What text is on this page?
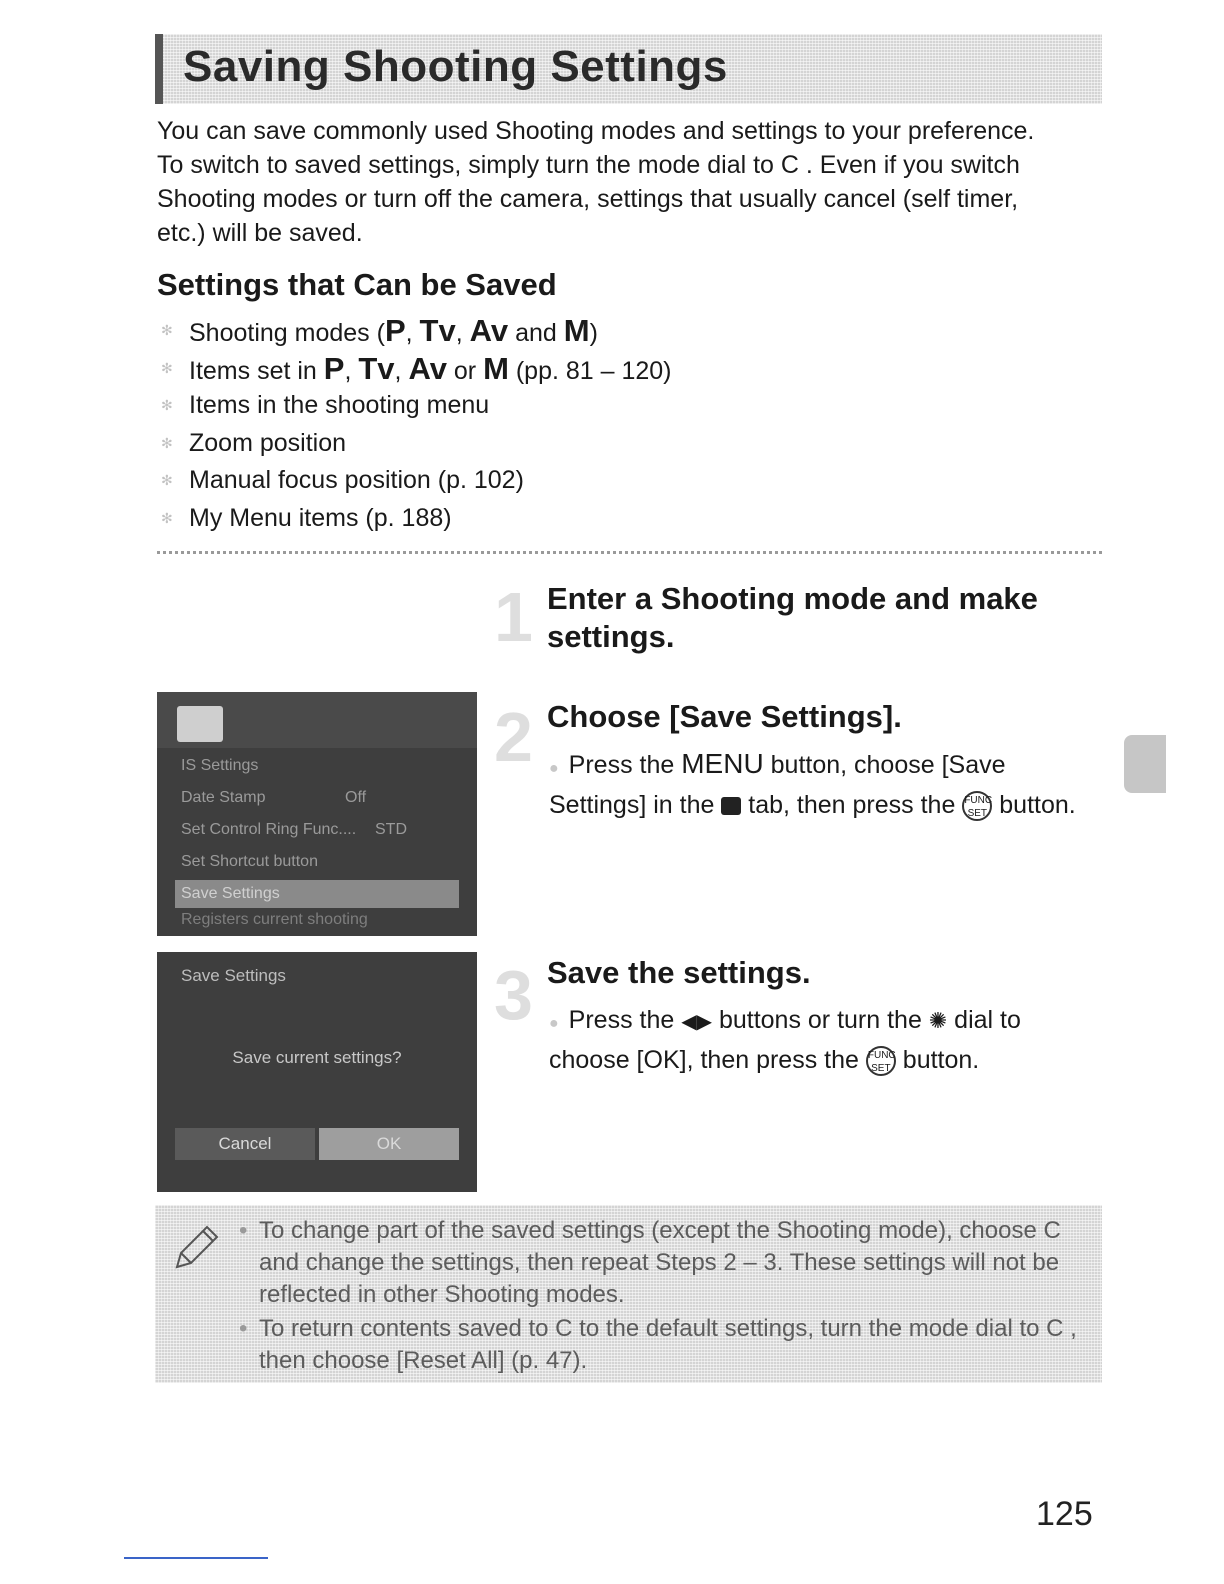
Saving Shooting Settings
You can save commonly used Shooting modes and settings to your preference. To switch to saved settings, simply turn the mode dial to C . Even if you switch Shooting modes or turn off the camera, settings that usually cancel (self timer, etc.) will be saved.
Settings that Can be Saved
✻ Shooting modes (P, Tv, Av and M)
✻ Items set in P, Tv, Av or M (pp. 81 – 120)
✻ Items in the shooting menu
✻ Zoom position
✻ Manual focus position (p. 102)
✻ My Menu items (p. 188)
1 Enter a Shooting mode and make settings.
IS Settings
Date Stamp	Off
Set Control Ring Func.... STD
Set Shortcut button
Save Settings
Registers current shooting
2 Choose [Save Settings].
● Press the MENU button, choose [Save Settings] in the  tab, then press the FUNC
SET button.
Save Settings
Save current settings?
Cancel	OK
3 Save the settings.
● Press the ◀▶ buttons or turn the ✺ dial to choose [OK], then press the FUNC
SET button.

• To change part of the saved settings (except the Shooting mode), choose C and change the settings, then repeat Steps 2 – 3. These settings will not be reflected in other Shooting modes.

• To return contents saved to C to the default settings, turn the mode dial to C , then choose [Reset All] (p. 47).

125
